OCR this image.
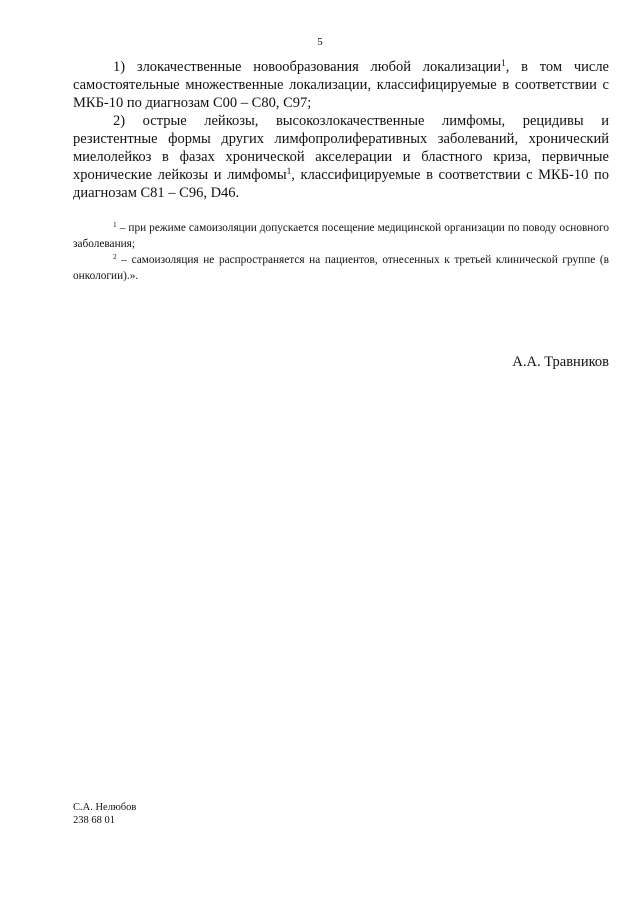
5

1) злокачественные новообразования любой локализации$^1$, в том числе самостоятельные множественные локализации, классифицируемые в соответствии с МКБ-10 по диагнозам С00 – С80, С97;

2) острые лейкозы, высокозлокачественные лимфомы, рецидивы и резистентные формы других лимфопролиферативных заболеваний, хронический миелолейкоз в фазах хронической акселерации и бластного криза, первичные хронические лейкозы и лимфомы$^1$, классифицируемые в соответствии с МКБ-10 по диагнозам С81 – С96, D46.

$^1$ – при режиме самоизоляции допускается посещение медицинской организации по поводу основного заболевания;

$^2$ – самоизоляция не распространяется на пациентов, отнесенных к третьей клинической группе (в онкологии).».

А.А. Травников
С.А. Нелюбов
238 68 01
